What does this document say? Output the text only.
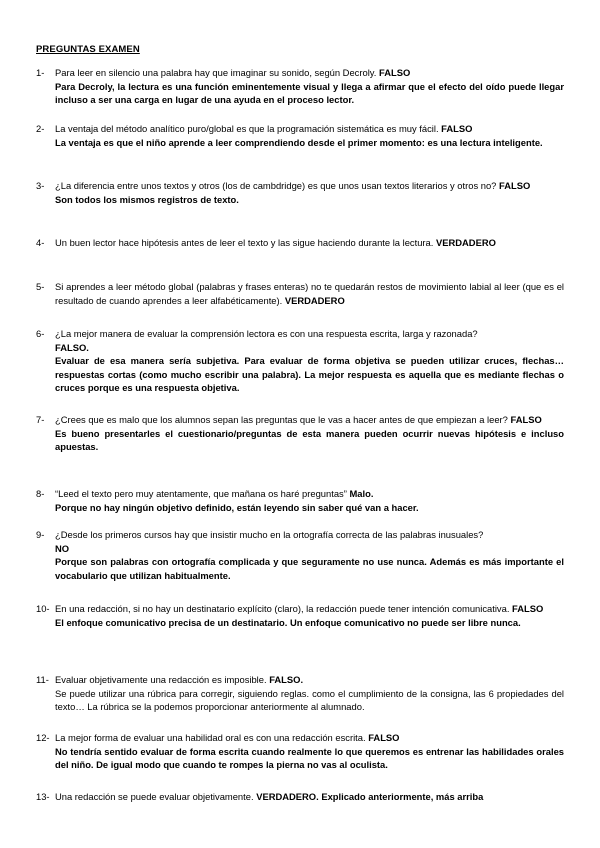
PREGUNTAS EXAMEN
1-	Para leer en silencio una palabra hay que imaginar su sonido, según Decroly. FALSO
Para Decroly, la lectura es una función eminentemente visual y llega a afirmar que el efecto del oído puede llegar incluso a ser una carga en lugar de una ayuda en el proceso lector.
2-	La ventaja del método analítico puro/global es que la programación sistemática es muy fácil. FALSO
La ventaja es que el niño aprende a leer comprendiendo desde el primer momento: es una lectura inteligente.
3-	¿La diferencia entre unos textos y otros (los de cambdridge) es que unos usan textos literarios y otros no? FALSO
Son todos los mismos registros de texto.
4-	Un buen lector hace hipótesis antes de leer el texto y las sigue haciendo durante la lectura. VERDADERO
5-	Si aprendes a leer método global (palabras y frases enteras) no te quedarán restos de movimiento labial al leer (que es el resultado de cuando aprendes a leer alfabéticamente). VERDADERO
6-	¿La mejor manera de evaluar la comprensión lectora es con una respuesta escrita, larga y razonada?
FALSO.
Evaluar de esa manera sería subjetiva. Para evaluar de forma objetiva se pueden utilizar cruces, flechas… respuestas cortas (como mucho escribir una palabra). La mejor respuesta es aquella que es mediante flechas o cruces porque es una respuesta objetiva.
7-	¿Crees que es malo que los alumnos sepan las preguntas que le vas a hacer antes de que empiezan a leer? FALSO
Es bueno presentarles el cuestionario/preguntas de esta manera pueden ocurrir nuevas hipótesis e incluso apuestas.
8-	“Leed el texto pero muy atentamente, que mañana os haré preguntas” Malo.
Porque no hay ningún objetivo definido, están leyendo sin saber qué van a hacer.
9-	¿Desde los primeros cursos hay que insistir mucho en la ortografía correcta de las palabras inusuales?
NO
Porque son palabras con ortografía complicada y que seguramente no use nunca. Además es más importante el vocabulario que utilizan habitualmente.
10- En una redacción, si no hay un destinatario explícito (claro), la redacción puede tener intención comunicativa. FALSO
El enfoque comunicativo precisa de un destinatario. Un enfoque comunicativo no puede ser libre nunca.
11- Evaluar objetivamente una redacción es imposible. FALSO.
Se puede utilizar una rúbrica para corregir, siguiendo reglas. como el cumplimiento de la consigna, las 6 propiedades del texto… La rúbrica se la podemos proporcionar anteriormente al alumnado.
12- La mejor forma de evaluar una habilidad oral es con una redacción escrita. FALSO
No tendría sentido evaluar de forma escrita cuando realmente lo que queremos es entrenar las habilidades orales del niño. De igual modo que cuando te rompes la pierna no vas al oculista.
13- Una redacción se puede evaluar objetivamente. VERDADERO. Explicado anteriormente, más arriba
